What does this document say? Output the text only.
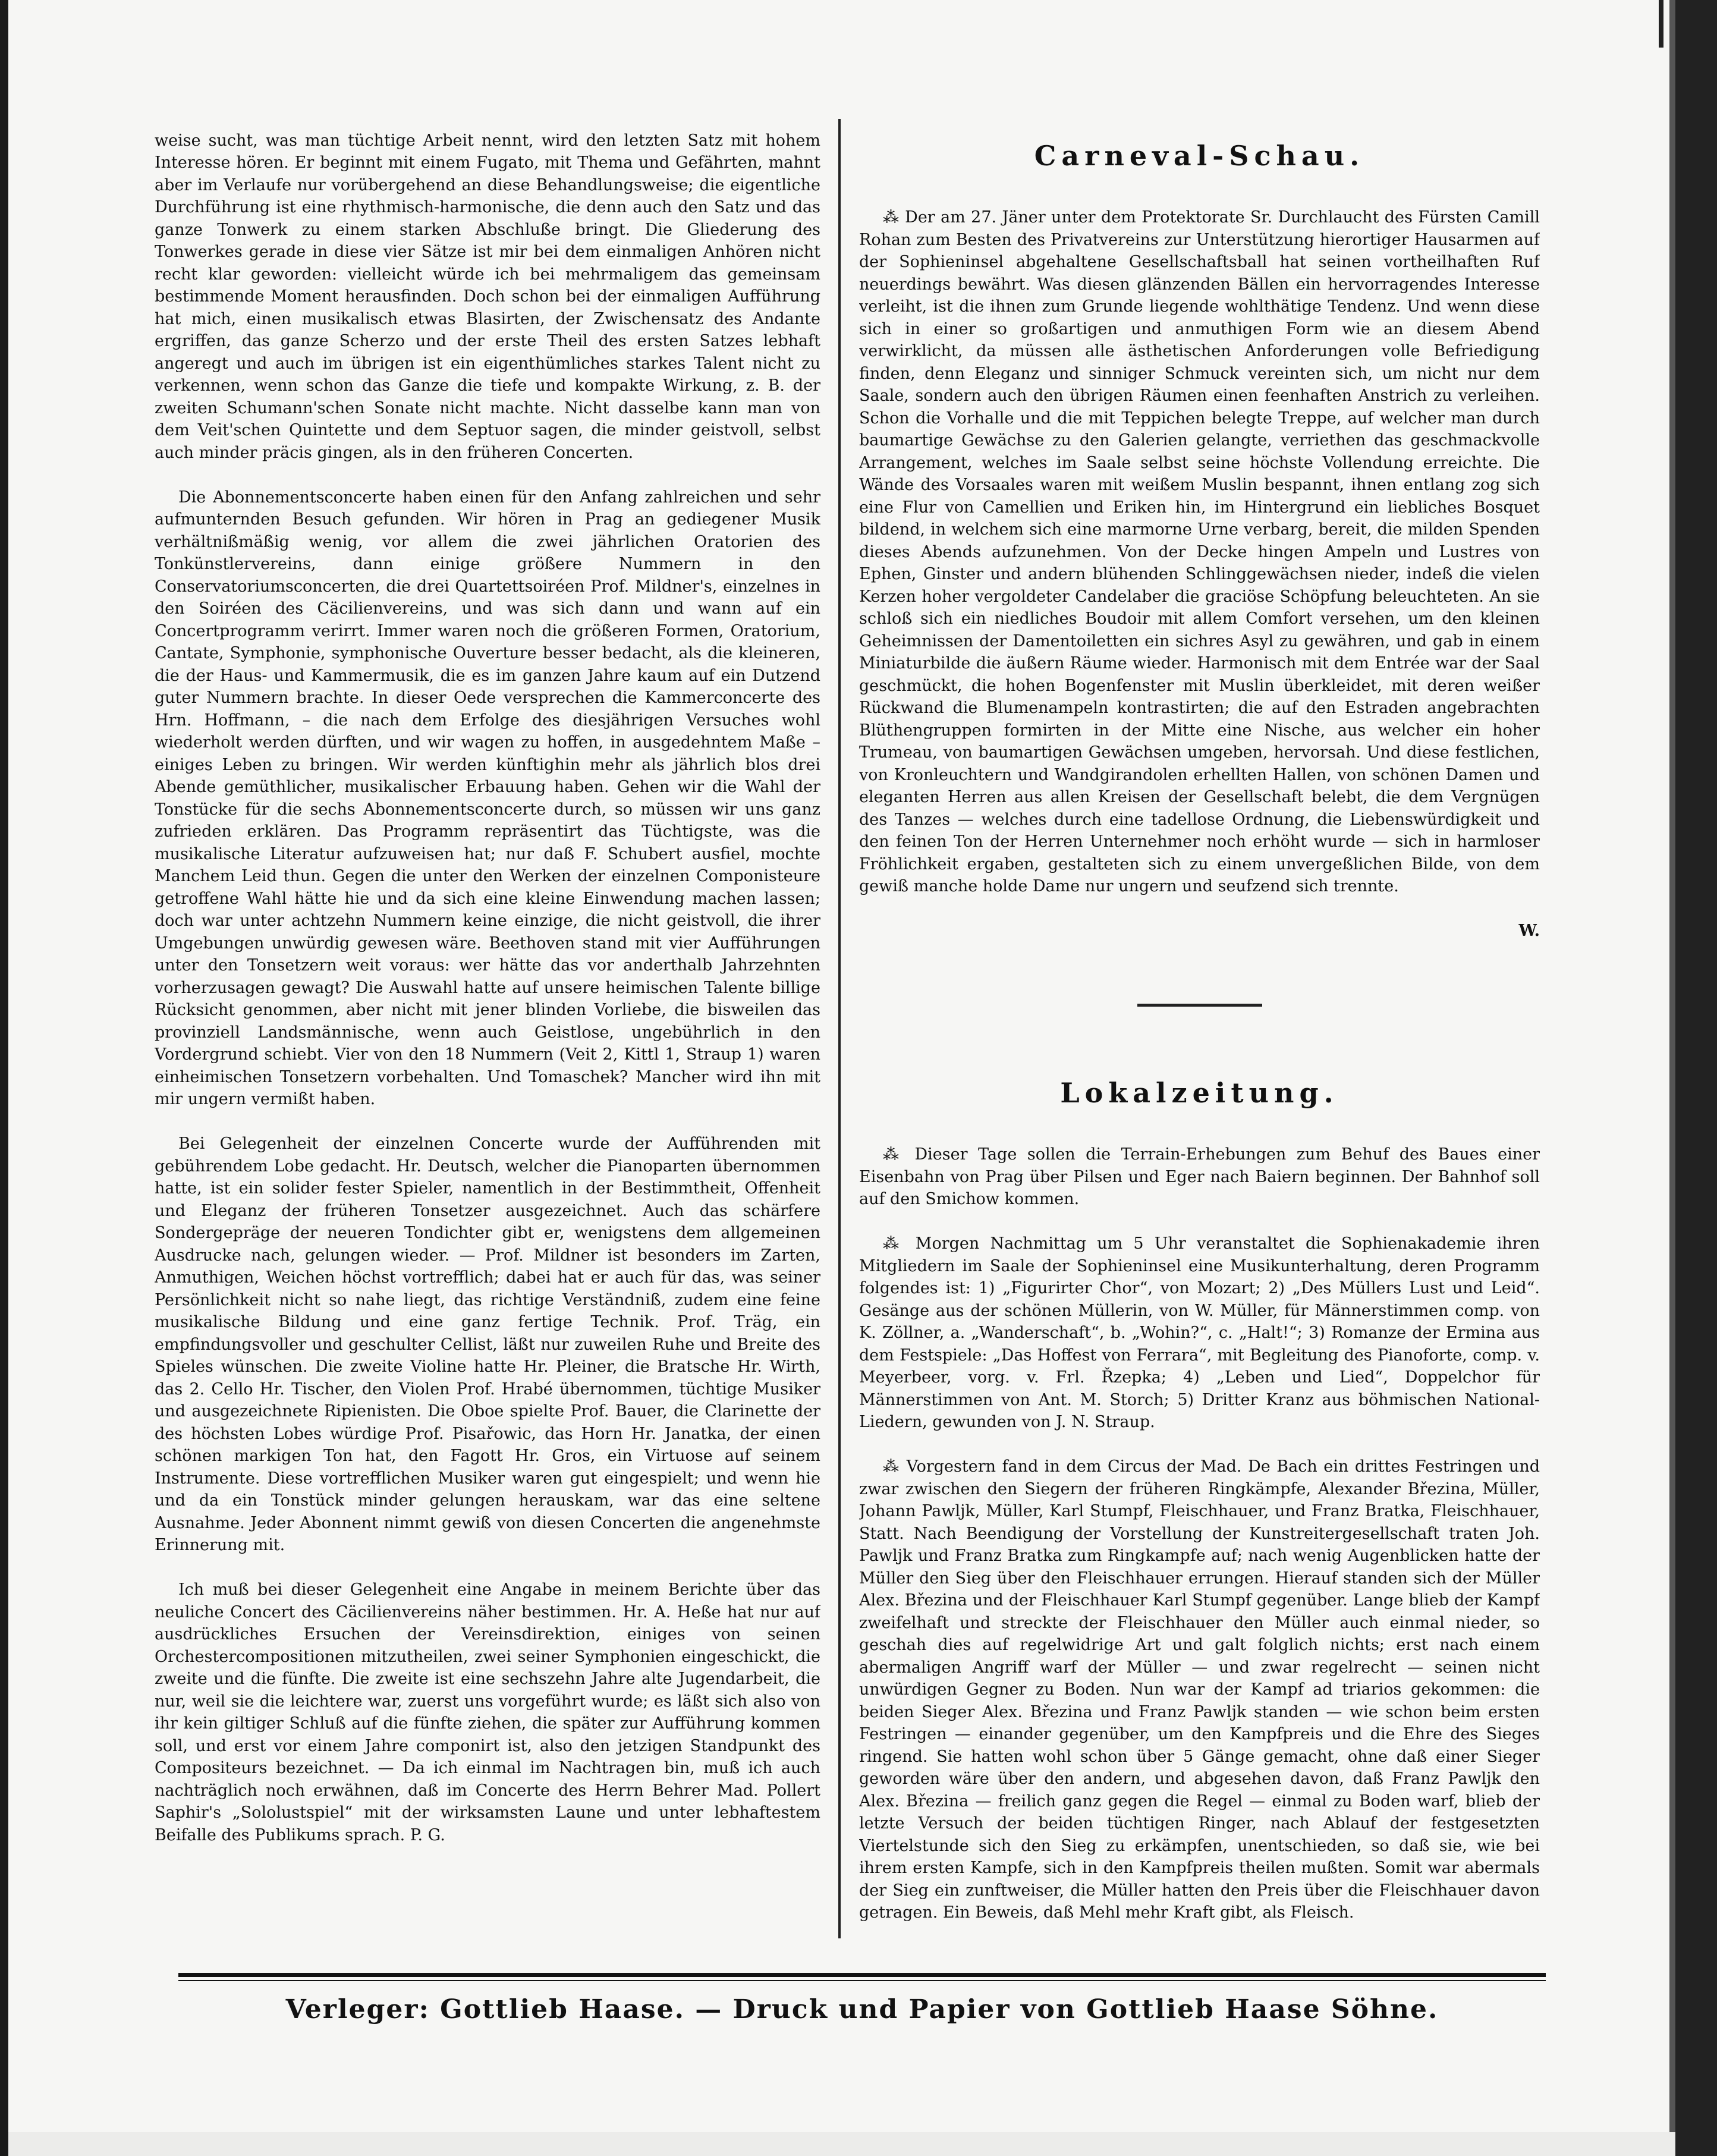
weise sucht, was man tüchtige Arbeit nennt, wird den letzten Satz mit hohem Interesse hören. Er beginnt mit einem Fugato, mit Thema und Gefährten, mahnt aber im Verlaufe nur vorübergehend an diese Behandlungsweise; die eigentliche Durchführung ist eine rhythmisch-harmonische, die denn auch den Satz und das ganze Tonwerk zu einem starken Abschluße bringt. Die Gliederung des Tonwerkes gerade in diese vier Sätze ist mir bei dem einmaligen Anhören nicht recht klar geworden: vielleicht würde ich bei mehrmaligem das gemeinsam bestimmende Moment herausfinden. Doch schon bei der einmaligen Aufführung hat mich, einen musikalisch etwas Blasirten, der Zwischensatz des Andante ergriffen, das ganze Scherzo und der erste Theil des ersten Satzes lebhaft angeregt und auch im übrigen ist ein eigenthümliches starkes Talent nicht zu verkennen, wenn schon das Ganze die tiefe und kompakte Wirkung, z. B. der zweiten Schumann'schen Sonate nicht machte. Nicht dasselbe kann man von dem Veit'schen Quintette und dem Septuor sagen, die minder geistvoll, selbst auch minder präcis gingen, als in den früheren Concerten.

Die Abonnementsconcerte haben einen für den Anfang zahlreichen und sehr aufmunternden Besuch gefunden. Wir hören in Prag an gediegener Musik verhältnißmäßig wenig, vor allem die zwei jährlichen Oratorien des Tonkünstlervereins, dann einige größere Nummern in den Conservatoriumsconcerten, die drei Quartettsoiréen Prof. Mildner's, einzelnes in den Soiréen des Cäcilienvereins, und was sich dann und wann auf ein Concertprogramm verirrt. Immer waren noch die größeren Formen, Oratorium, Cantate, Symphonie, symphonische Ouverture besser bedacht, als die kleineren, die der Haus- und Kammermusik, die es im ganzen Jahre kaum auf ein Dutzend guter Nummern brachte. In dieser Oede versprechen die Kammerconcerte des Hrn. Hoffmann, – die nach dem Erfolge des diesjährigen Versuches wohl wiederholt werden dürften, und wir wagen zu hoffen, in ausgedehntem Maße – einiges Leben zu bringen. Wir werden künftighin mehr als jährlich blos drei Abende gemüthlicher, musikalischer Erbauung haben. Gehen wir die Wahl der Tonstücke für die sechs Abonnementsconcerte durch, so müssen wir uns ganz zufrieden erklären. Das Programm repräsentirt das Tüchtigste, was die musikalische Literatur aufzuweisen hat; nur daß F. Schubert ausfiel, mochte Manchem Leid thun. Gegen die unter den Werken der einzelnen Componisteure getroffene Wahl hätte hie und da sich eine kleine Einwendung machen lassen; doch war unter achtzehn Nummern keine einzige, die nicht geistvoll, die ihrer Umgebungen unwürdig gewesen wäre. Beethoven stand mit vier Aufführungen unter den Tonsetzern weit voraus: wer hätte das vor anderthalb Jahrzehnten vorherzusagen gewagt? Die Auswahl hatte auf unsere heimischen Talente billige Rücksicht genommen, aber nicht mit jener blinden Vorliebe, die bisweilen das provinziell Landsmännische, wenn auch Geistlose, ungebührlich in den Vordergrund schiebt. Vier von den 18 Nummern (Veit 2, Kittl 1, Straup 1) waren einheimischen Tonsetzern vorbehalten. Und Tomaschek? Mancher wird ihn mit mir ungern vermißt haben.

Bei Gelegenheit der einzelnen Concerte wurde der Aufführenden mit gebührendem Lobe gedacht. Hr. Deutsch, welcher die Pianoparten übernommen hatte, ist ein solider fester Spieler, namentlich in der Bestimmtheit, Offenheit und Eleganz der früheren Tonsetzer ausgezeichnet. Auch das schärfere Sondergepräge der neueren Tondichter gibt er, wenigstens dem allgemeinen Ausdrucke nach, gelungen wieder. — Prof. Mildner ist besonders im Zarten, Anmuthigen, Weichen höchst vortrefflich; dabei hat er auch für das, was seiner Persönlichkeit nicht so nahe liegt, das richtige Verständniß, zudem eine feine musikalische Bildung und eine ganz fertige Technik. Prof. Träg, ein empfindungsvoller und geschulter Cellist, läßt nur zuweilen Ruhe und Breite des Spieles wünschen. Die zweite Violine hatte Hr. Pleiner, die Bratsche Hr. Wirth, das 2. Cello Hr. Tischer, den Violen Prof. Hrabé übernommen, tüchtige Musiker und ausgezeichnete Ripienisten. Die Oboe spielte Prof. Bauer, die Clarinette der des höchsten Lobes würdige Prof. Pisařowic, das Horn Hr. Janatka, der einen schönen markigen Ton hat, den Fagott Hr. Gros, ein Virtuose auf seinem Instrumente. Diese vortrefflichen Musiker waren gut eingespielt; und wenn hie und da ein Tonstück minder gelungen herauskam, war das eine seltene Ausnahme. Jeder Abonnent nimmt gewiß von diesen Concerten die angenehmste Erinnerung mit.

Ich muß bei dieser Gelegenheit eine Angabe in meinem Berichte über das neuliche Concert des Cäcilienvereins näher bestimmen. Hr. A. Heße hat nur auf ausdrückliches Ersuchen der Vereinsdirektion, einiges von seinen Orchestercompositionen mitzutheilen, zwei seiner Symphonien eingeschickt, die zweite und die fünfte. Die zweite ist eine sechszehn Jahre alte Jugendarbeit, die nur, weil sie die leichtere war, zuerst uns vorgeführt wurde; es läßt sich also von ihr kein giltiger Schluß auf die fünfte ziehen, die später zur Aufführung kommen soll, und erst vor einem Jahre componirt ist, also den jetzigen Standpunkt des Compositeurs bezeichnet. — Da ich einmal im Nachtragen bin, muß ich auch nachträglich noch erwähnen, daß im Concerte des Herrn Behrer Mad. Pollert Saphir's „Sololustspiel“ mit der wirksamsten Laune und unter lebhaftestem Beifalle des Publikums sprach. P. G.

Carneval-Schau.

⁂ Der am 27. Jäner unter dem Protektorate Sr. Durchlaucht des Fürsten Camill Rohan zum Besten des Privatvereins zur Unterstützung hierortiger Hausarmen auf der Sophieninsel abgehaltene Gesellschaftsball hat seinen vortheilhaften Ruf neuerdings bewährt. Was diesen glänzenden Bällen ein hervorragendes Interesse verleiht, ist die ihnen zum Grunde liegende wohlthätige Tendenz. Und wenn diese sich in einer so großartigen und anmuthigen Form wie an diesem Abend verwirklicht, da müssen alle ästhetischen Anforderungen volle Befriedigung finden, denn Eleganz und sinniger Schmuck vereinten sich, um nicht nur dem Saale, sondern auch den übrigen Räumen einen feenhaften Anstrich zu verleihen. Schon die Vorhalle und die mit Teppichen belegte Treppe, auf welcher man durch baumartige Gewächse zu den Galerien gelangte, verriethen das geschmackvolle Arrangement, welches im Saale selbst seine höchste Vollendung erreichte. Die Wände des Vorsaales waren mit weißem Muslin bespannt, ihnen entlang zog sich eine Flur von Camellien und Eriken hin, im Hintergrund ein liebliches Bosquet bildend, in welchem sich eine marmorne Urne verbarg, bereit, die milden Spenden dieses Abends aufzunehmen. Von der Decke hingen Ampeln und Lustres von Ephen, Ginster und andern blühenden Schlinggewächsen nieder, indeß die vielen Kerzen hoher vergoldeter Candelaber die graciöse Schöpfung beleuchteten. An sie schloß sich ein niedliches Boudoir mit allem Comfort versehen, um den kleinen Geheimnissen der Damentoiletten ein sichres Asyl zu gewähren, und gab in einem Miniaturbilde die äußern Räume wieder. Harmonisch mit dem Entrée war der Saal geschmückt, die hohen Bogenfenster mit Muslin überkleidet, mit deren weißer Rückwand die Blumenampeln kontrastirten; die auf den Estraden angebrachten Blüthengruppen formirten in der Mitte eine Nische, aus welcher ein hoher Trumeau, von baumartigen Gewächsen umgeben, hervorsah. Und diese festlichen, von Kronleuchtern und Wandgirandolen erhellten Hallen, von schönen Damen und eleganten Herren aus allen Kreisen der Gesellschaft belebt, die dem Vergnügen des Tanzes — welches durch eine tadellose Ordnung, die Liebenswürdigkeit und den feinen Ton der Herren Unternehmer noch erhöht wurde — sich in harmloser Fröhlichkeit ergaben, gestalteten sich zu einem unvergeßlichen Bilde, von dem gewiß manche holde Dame nur ungern und seufzend sich trennte.

W.

Lokalzeitung.

⁂ Dieser Tage sollen die Terrain-Erhebungen zum Behuf des Baues einer Eisenbahn von Prag über Pilsen und Eger nach Baiern beginnen. Der Bahnhof soll auf den Smichow kommen.

⁂ Morgen Nachmittag um 5 Uhr veranstaltet die Sophienakademie ihren Mitgliedern im Saale der Sophieninsel eine Musikunterhaltung, deren Programm folgendes ist: 1) „Figurirter Chor“, von Mozart; 2) „Des Müllers Lust und Leid“. Gesänge aus der schönen Müllerin, von W. Müller, für Männerstimmen comp. von K. Zöllner, a. „Wanderschaft“, b. „Wohin?“, c. „Halt!“; 3) Romanze der Ermina aus dem Festspiele: „Das Hoffest von Ferrara“, mit Begleitung des Pianoforte, comp. v. Meyerbeer, vorg. v. Frl. Řzepka; 4) „Leben und Lied“, Doppelchor für Männerstimmen von Ant. M. Storch; 5) Dritter Kranz aus böhmischen National-Liedern, gewunden von J. N. Straup.

⁂ Vorgestern fand in dem Circus der Mad. De Bach ein drittes Festringen und zwar zwischen den Siegern der früheren Ringkämpfe, Alexander Březina, Müller, Johann Pawljk, Müller, Karl Stumpf, Fleischhauer, und Franz Bratka, Fleischhauer, Statt. Nach Beendigung der Vorstellung der Kunstreitergesellschaft traten Joh. Pawljk und Franz Bratka zum Ringkampfe auf; nach wenig Augenblicken hatte der Müller den Sieg über den Fleischhauer errungen. Hierauf standen sich der Müller Alex. Březina und der Fleischhauer Karl Stumpf gegenüber. Lange blieb der Kampf zweifelhaft und streckte der Fleischhauer den Müller auch einmal nieder, so geschah dies auf regelwidrige Art und galt folglich nichts; erst nach einem abermaligen Angriff warf der Müller — und zwar regelrecht — seinen nicht unwürdigen Gegner zu Boden. Nun war der Kampf ad triarios gekommen: die beiden Sieger Alex. Březina und Franz Pawljk standen — wie schon beim ersten Festringen — einander gegenüber, um den Kampfpreis und die Ehre des Sieges ringend. Sie hatten wohl schon über 5 Gänge gemacht, ohne daß einer Sieger geworden wäre über den andern, und abgesehen davon, daß Franz Pawljk den Alex. Březina — freilich ganz gegen die Regel — einmal zu Boden warf, blieb der letzte Versuch der beiden tüchtigen Ringer, nach Ablauf der festgesetzten Viertelstunde sich den Sieg zu erkämpfen, unentschieden, so daß sie, wie bei ihrem ersten Kampfe, sich in den Kampfpreis theilen mußten. Somit war abermals der Sieg ein zunftweiser, die Müller hatten den Preis über die Fleischhauer davon getragen. Ein Beweis, daß Mehl mehr Kraft gibt, als Fleisch.

Verleger: Gottlieb Haase. — Druck und Papier von Gottlieb Haase Söhne.
